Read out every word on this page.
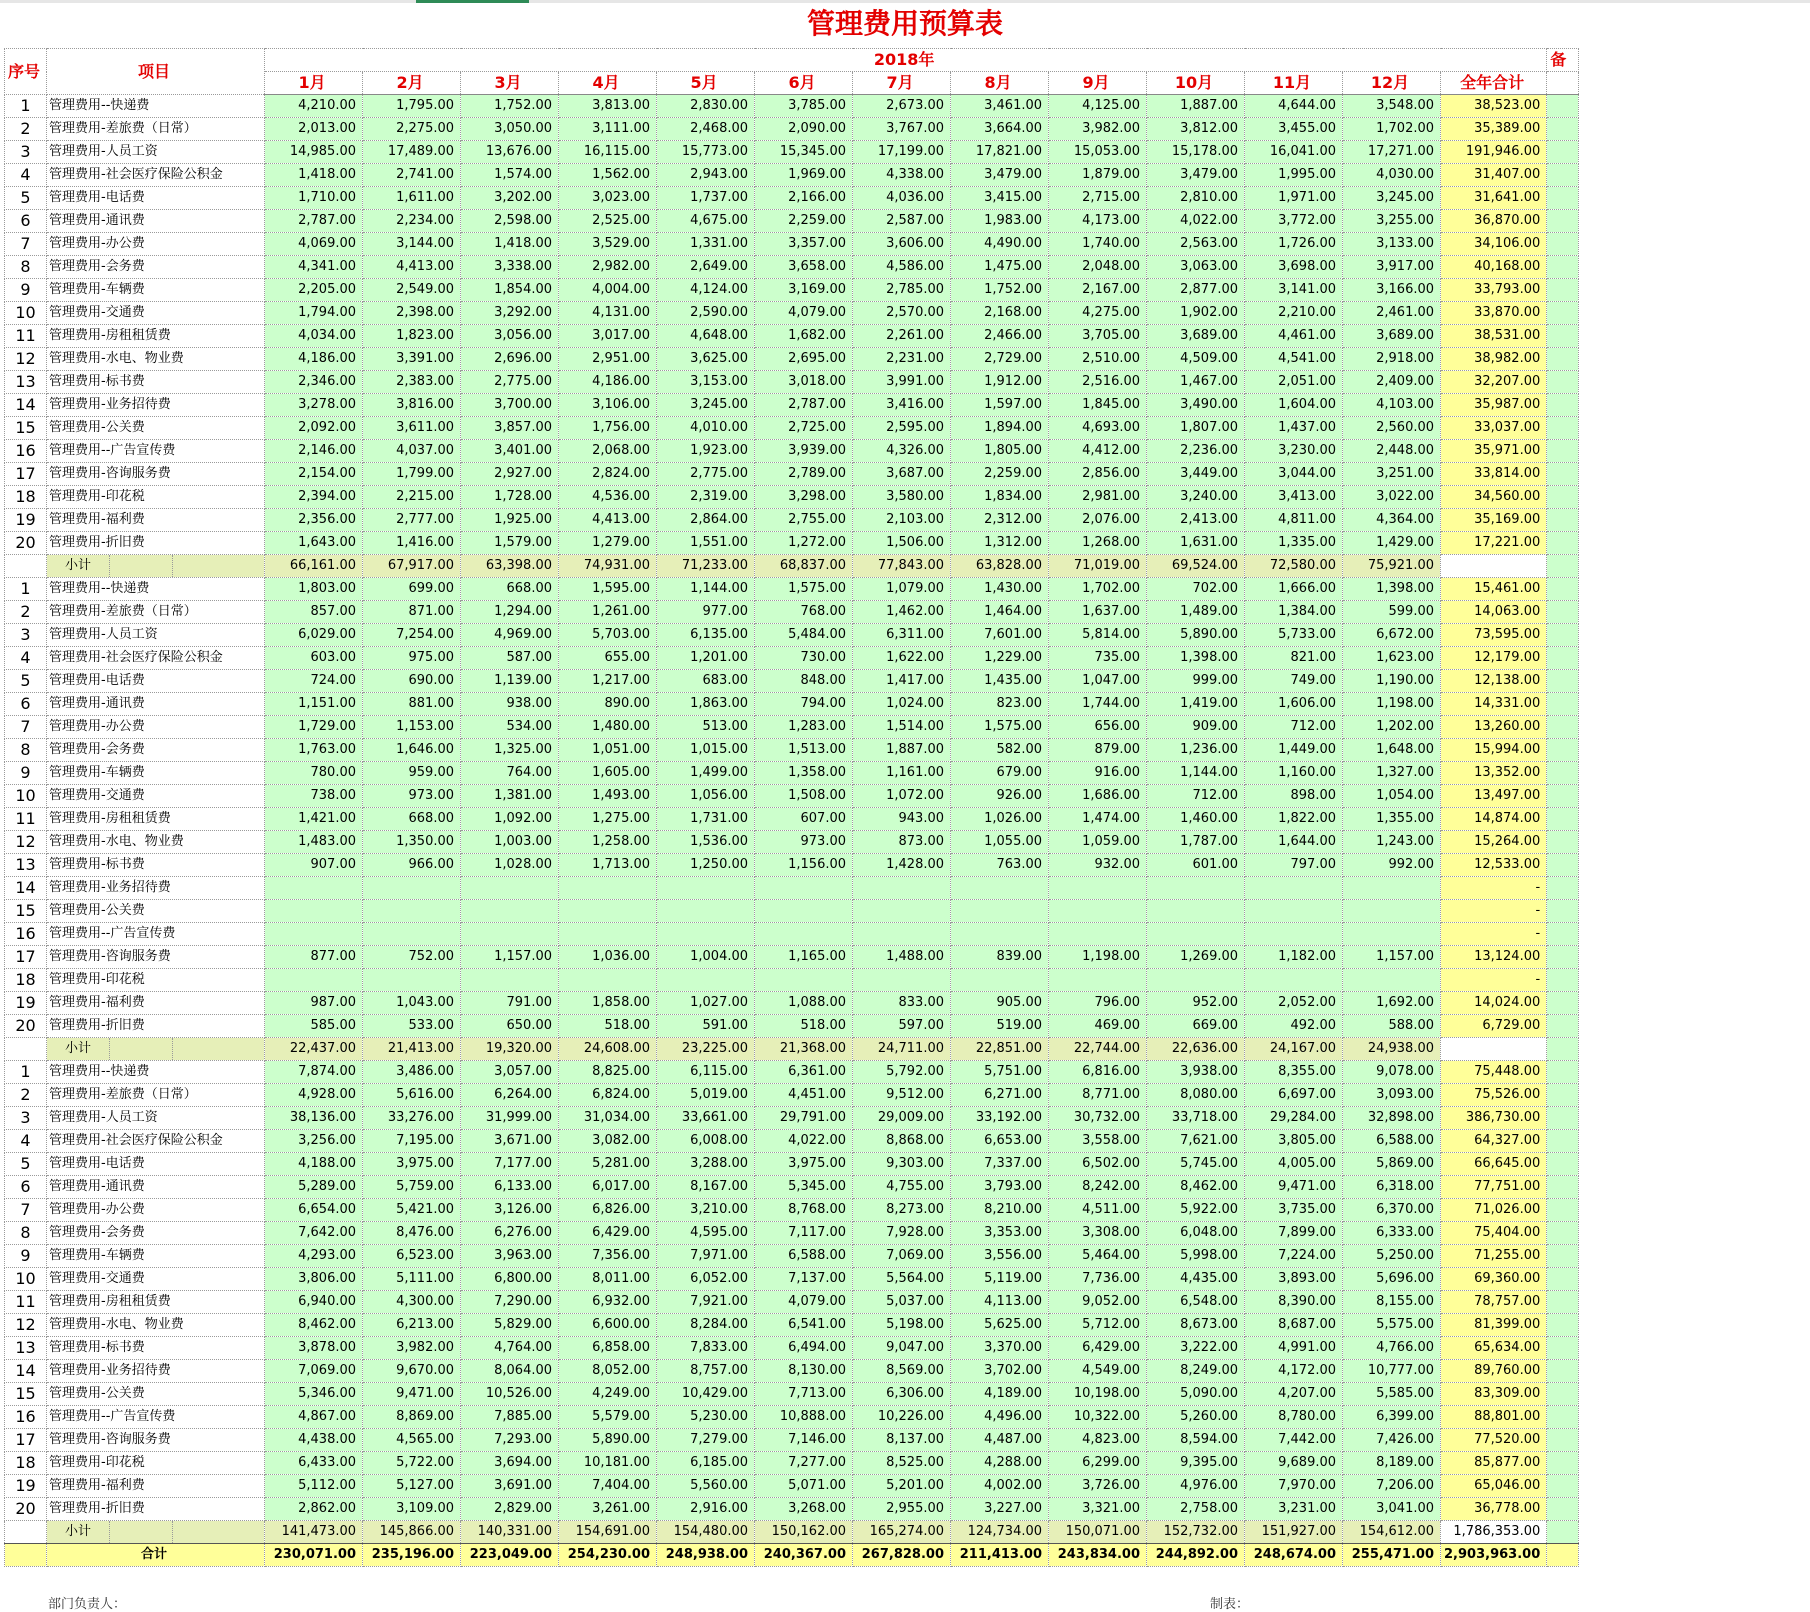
管理费用预算表
序号	项目	2018年													备
		1月	2月	3月	4月	5月	6月	7月	8月	9月	10月	11月	12月	全年合计	
1	管理费用--快递费	4,210.00	1,795.00	1,752.00	3,813.00	2,830.00	3,785.00	2,673.00	3,461.00	4,125.00	1,887.00	4,644.00	3,548.00	38,523.00	
2	管理费用-差旅费（日常）	2,013.00	2,275.00	3,050.00	3,111.00	2,468.00	2,090.00	3,767.00	3,664.00	3,982.00	3,812.00	3,455.00	1,702.00	35,389.00	
3	管理费用-人员工资	14,985.00	17,489.00	13,676.00	16,115.00	15,773.00	15,345.00	17,199.00	17,821.00	15,053.00	15,178.00	16,041.00	17,271.00	191,946.00	
4	管理费用-社会医疗保险公积金	1,418.00	2,741.00	1,574.00	1,562.00	2,943.00	1,969.00	4,338.00	3,479.00	1,879.00	3,479.00	1,995.00	4,030.00	31,407.00	
5	管理费用-电话费	1,710.00	1,611.00	3,202.00	3,023.00	1,737.00	2,166.00	4,036.00	3,415.00	2,715.00	2,810.00	1,971.00	3,245.00	31,641.00	
6	管理费用-通讯费	2,787.00	2,234.00	2,598.00	2,525.00	4,675.00	2,259.00	2,587.00	1,983.00	4,173.00	4,022.00	3,772.00	3,255.00	36,870.00	
7	管理费用-办公费	4,069.00	3,144.00	1,418.00	3,529.00	1,331.00	3,357.00	3,606.00	4,490.00	1,740.00	2,563.00	1,726.00	3,133.00	34,106.00	
8	管理费用-会务费	4,341.00	4,413.00	3,338.00	2,982.00	2,649.00	3,658.00	4,586.00	1,475.00	2,048.00	3,063.00	3,698.00	3,917.00	40,168.00	
9	管理费用-车辆费	2,205.00	2,549.00	1,854.00	4,004.00	4,124.00	3,169.00	2,785.00	1,752.00	2,167.00	2,877.00	3,141.00	3,166.00	33,793.00	
10	管理费用-交通费	1,794.00	2,398.00	3,292.00	4,131.00	2,590.00	4,079.00	2,570.00	2,168.00	4,275.00	1,902.00	2,210.00	2,461.00	33,870.00	
11	管理费用-房租租赁费	4,034.00	1,823.00	3,056.00	3,017.00	4,648.00	1,682.00	2,261.00	2,466.00	3,705.00	3,689.00	4,461.00	3,689.00	38,531.00	
12	管理费用-水电、物业费	4,186.00	3,391.00	2,696.00	2,951.00	3,625.00	2,695.00	2,231.00	2,729.00	2,510.00	4,509.00	4,541.00	2,918.00	38,982.00	
13	管理费用-标书费	2,346.00	2,383.00	2,775.00	4,186.00	3,153.00	3,018.00	3,991.00	1,912.00	2,516.00	1,467.00	2,051.00	2,409.00	32,207.00	
14	管理费用-业务招待费	3,278.00	3,816.00	3,700.00	3,106.00	3,245.00	2,787.00	3,416.00	1,597.00	1,845.00	3,490.00	1,604.00	4,103.00	35,987.00	
15	管理费用-公关费	2,092.00	3,611.00	3,857.00	1,756.00	4,010.00	2,725.00	2,595.00	1,894.00	4,693.00	1,807.00	1,437.00	2,560.00	33,037.00	
16	管理费用--广告宣传费	2,146.00	4,037.00	3,401.00	2,068.00	1,923.00	3,939.00	4,326.00	1,805.00	4,412.00	2,236.00	3,230.00	2,448.00	35,971.00	
17	管理费用-咨询服务费	2,154.00	1,799.00	2,927.00	2,824.00	2,775.00	2,789.00	3,687.00	2,259.00	2,856.00	3,449.00	3,044.00	3,251.00	33,814.00	
18	管理费用-印花税	2,394.00	2,215.00	1,728.00	4,536.00	2,319.00	3,298.00	3,580.00	1,834.00	2,981.00	3,240.00	3,413.00	3,022.00	34,560.00	
19	管理费用-福利费	2,356.00	2,777.00	1,925.00	4,413.00	2,864.00	2,755.00	2,103.00	2,312.00	2,076.00	2,413.00	4,811.00	4,364.00	35,169.00	
20	管理费用-折旧费	1,643.00	1,416.00	1,579.00	1,279.00	1,551.00	1,272.00	1,506.00	1,312.00	1,268.00	1,631.00	1,335.00	1,429.00	17,221.00	

	小计	66,161.00	67,917.00	63,398.00	74,931.00	71,233.00	68,837.00	77,843.00	63,828.00	71,019.00	69,524.00	72,580.00	75,921.00		
1	管理费用--快递费	1,803.00	699.00	668.00	1,595.00	1,144.00	1,575.00	1,079.00	1,430.00	1,702.00	702.00	1,666.00	1,398.00	15,461.00	
2	管理费用-差旅费（日常）	857.00	871.00	1,294.00	1,261.00	977.00	768.00	1,462.00	1,464.00	1,637.00	1,489.00	1,384.00	599.00	14,063.00	
3	管理费用-人员工资	6,029.00	7,254.00	4,969.00	5,703.00	6,135.00	5,484.00	6,311.00	7,601.00	5,814.00	5,890.00	5,733.00	6,672.00	73,595.00	
4	管理费用-社会医疗保险公积金	603.00	975.00	587.00	655.00	1,201.00	730.00	1,622.00	1,229.00	735.00	1,398.00	821.00	1,623.00	12,179.00	
5	管理费用-电话费	724.00	690.00	1,139.00	1,217.00	683.00	848.00	1,417.00	1,435.00	1,047.00	999.00	749.00	1,190.00	12,138.00	
6	管理费用-通讯费	1,151.00	881.00	938.00	890.00	1,863.00	794.00	1,024.00	823.00	1,744.00	1,419.00	1,606.00	1,198.00	14,331.00	
7	管理费用-办公费	1,729.00	1,153.00	534.00	1,480.00	513.00	1,283.00	1,514.00	1,575.00	656.00	909.00	712.00	1,202.00	13,260.00	
8	管理费用-会务费	1,763.00	1,646.00	1,325.00	1,051.00	1,015.00	1,513.00	1,887.00	582.00	879.00	1,236.00	1,449.00	1,648.00	15,994.00	
9	管理费用-车辆费	780.00	959.00	764.00	1,605.00	1,499.00	1,358.00	1,161.00	679.00	916.00	1,144.00	1,160.00	1,327.00	13,352.00	
10	管理费用-交通费	738.00	973.00	1,381.00	1,493.00	1,056.00	1,508.00	1,072.00	926.00	1,686.00	712.00	898.00	1,054.00	13,497.00	
11	管理费用-房租租赁费	1,421.00	668.00	1,092.00	1,275.00	1,731.00	607.00	943.00	1,026.00	1,474.00	1,460.00	1,822.00	1,355.00	14,874.00	
12	管理费用-水电、物业费	1,483.00	1,350.00	1,003.00	1,258.00	1,536.00	973.00	873.00	1,055.00	1,059.00	1,787.00	1,644.00	1,243.00	15,264.00	
13	管理费用-标书费	907.00	966.00	1,028.00	1,713.00	1,250.00	1,156.00	1,428.00	763.00	932.00	601.00	797.00	992.00	12,533.00	
14	管理费用-业务招待费													-	
15	管理费用-公关费													-	
16	管理费用--广告宣传费													-	
17	管理费用-咨询服务费	877.00	752.00	1,157.00	1,036.00	1,004.00	1,165.00	1,488.00	839.00	1,198.00	1,269.00	1,182.00	1,157.00	13,124.00	
18	管理费用-印花税													-	
19	管理费用-福利费	987.00	1,043.00	791.00	1,858.00	1,027.00	1,088.00	833.00	905.00	796.00	952.00	2,052.00	1,692.00	14,024.00	
20	管理费用-折旧费	585.00	533.00	650.00	518.00	591.00	518.00	597.00	519.00	469.00	669.00	492.00	588.00	6,729.00	

	小计	22,437.00	21,413.00	19,320.00	24,608.00	23,225.00	21,368.00	24,711.00	22,851.00	22,744.00	22,636.00	24,167.00	24,938.00		
1	管理费用--快递费	7,874.00	3,486.00	3,057.00	8,825.00	6,115.00	6,361.00	5,792.00	5,751.00	6,816.00	3,938.00	8,355.00	9,078.00	75,448.00	
2	管理费用-差旅费（日常）	4,928.00	5,616.00	6,264.00	6,824.00	5,019.00	4,451.00	9,512.00	6,271.00	8,771.00	8,080.00	6,697.00	3,093.00	75,526.00	
3	管理费用-人员工资	38,136.00	33,276.00	31,999.00	31,034.00	33,661.00	29,791.00	29,009.00	33,192.00	30,732.00	33,718.00	29,284.00	32,898.00	386,730.00	
4	管理费用-社会医疗保险公积金	3,256.00	7,195.00	3,671.00	3,082.00	6,008.00	4,022.00	8,868.00	6,653.00	3,558.00	7,621.00	3,805.00	6,588.00	64,327.00	
5	管理费用-电话费	4,188.00	3,975.00	7,177.00	5,281.00	3,288.00	3,975.00	9,303.00	7,337.00	6,502.00	5,745.00	4,005.00	5,869.00	66,645.00	
6	管理费用-通讯费	5,289.00	5,759.00	6,133.00	6,017.00	8,167.00	5,345.00	4,755.00	3,793.00	8,242.00	8,462.00	9,471.00	6,318.00	77,751.00	
7	管理费用-办公费	6,654.00	5,421.00	3,126.00	6,826.00	3,210.00	8,768.00	8,273.00	8,210.00	4,511.00	5,922.00	3,735.00	6,370.00	71,026.00	
8	管理费用-会务费	7,642.00	8,476.00	6,276.00	6,429.00	4,595.00	7,117.00	7,928.00	3,353.00	3,308.00	6,048.00	7,899.00	6,333.00	75,404.00	
9	管理费用-车辆费	4,293.00	6,523.00	3,963.00	7,356.00	7,971.00	6,588.00	7,069.00	3,556.00	5,464.00	5,998.00	7,224.00	5,250.00	71,255.00	
10	管理费用-交通费	3,806.00	5,111.00	6,800.00	8,011.00	6,052.00	7,137.00	5,564.00	5,119.00	7,736.00	4,435.00	3,893.00	5,696.00	69,360.00	
11	管理费用-房租租赁费	6,940.00	4,300.00	7,290.00	6,932.00	7,921.00	4,079.00	5,037.00	4,113.00	9,052.00	6,548.00	8,390.00	8,155.00	78,757.00	
12	管理费用-水电、物业费	8,462.00	6,213.00	5,829.00	6,600.00	8,284.00	6,541.00	5,198.00	5,625.00	5,712.00	8,673.00	8,687.00	5,575.00	81,399.00	
13	管理费用-标书费	3,878.00	3,982.00	4,764.00	6,858.00	7,833.00	6,494.00	9,047.00	3,370.00	6,429.00	3,222.00	4,991.00	4,766.00	65,634.00	
14	管理费用-业务招待费	7,069.00	9,670.00	8,064.00	8,052.00	8,757.00	8,130.00	8,569.00	3,702.00	4,549.00	8,249.00	4,172.00	10,777.00	89,760.00	
15	管理费用-公关费	5,346.00	9,471.00	10,526.00	4,249.00	10,429.00	7,713.00	6,306.00	4,189.00	10,198.00	5,090.00	4,207.00	5,585.00	83,309.00	
16	管理费用--广告宣传费	4,867.00	8,869.00	7,885.00	5,579.00	5,230.00	10,888.00	10,226.00	4,496.00	10,322.00	5,260.00	8,780.00	6,399.00	88,801.00	
17	管理费用-咨询服务费	4,438.00	4,565.00	7,293.00	5,890.00	7,279.00	7,146.00	8,137.00	4,487.00	4,823.00	8,594.00	7,442.00	7,426.00	77,520.00	
18	管理费用-印花税	6,433.00	5,722.00	3,694.00	10,181.00	6,185.00	7,277.00	8,525.00	4,288.00	6,299.00	9,395.00	9,689.00	8,189.00	85,877.00	
19	管理费用-福利费	5,112.00	5,127.00	3,691.00	7,404.00	5,560.00	5,071.00	5,201.00	4,002.00	3,726.00	4,976.00	7,970.00	7,206.00	65,046.00	
20	管理费用-折旧费	2,862.00	3,109.00	2,829.00	3,261.00	2,916.00	3,268.00	2,955.00	3,227.00	3,321.00	2,758.00	3,231.00	3,041.00	36,778.00	

	小计	141,473.00	145,866.00	140,331.00	154,691.00	154,480.00	150,162.00	165,274.00	124,734.00	150,071.00	152,732.00	151,927.00	154,612.00	1,786,353.00	
	合计	230,071.00	235,196.00	223,049.00	254,230.00	248,938.00	240,367.00	267,828.00	211,413.00	243,834.00	244,892.00	248,674.00	255,471.00	2,903,963.00	
部门负责人：	制表：
